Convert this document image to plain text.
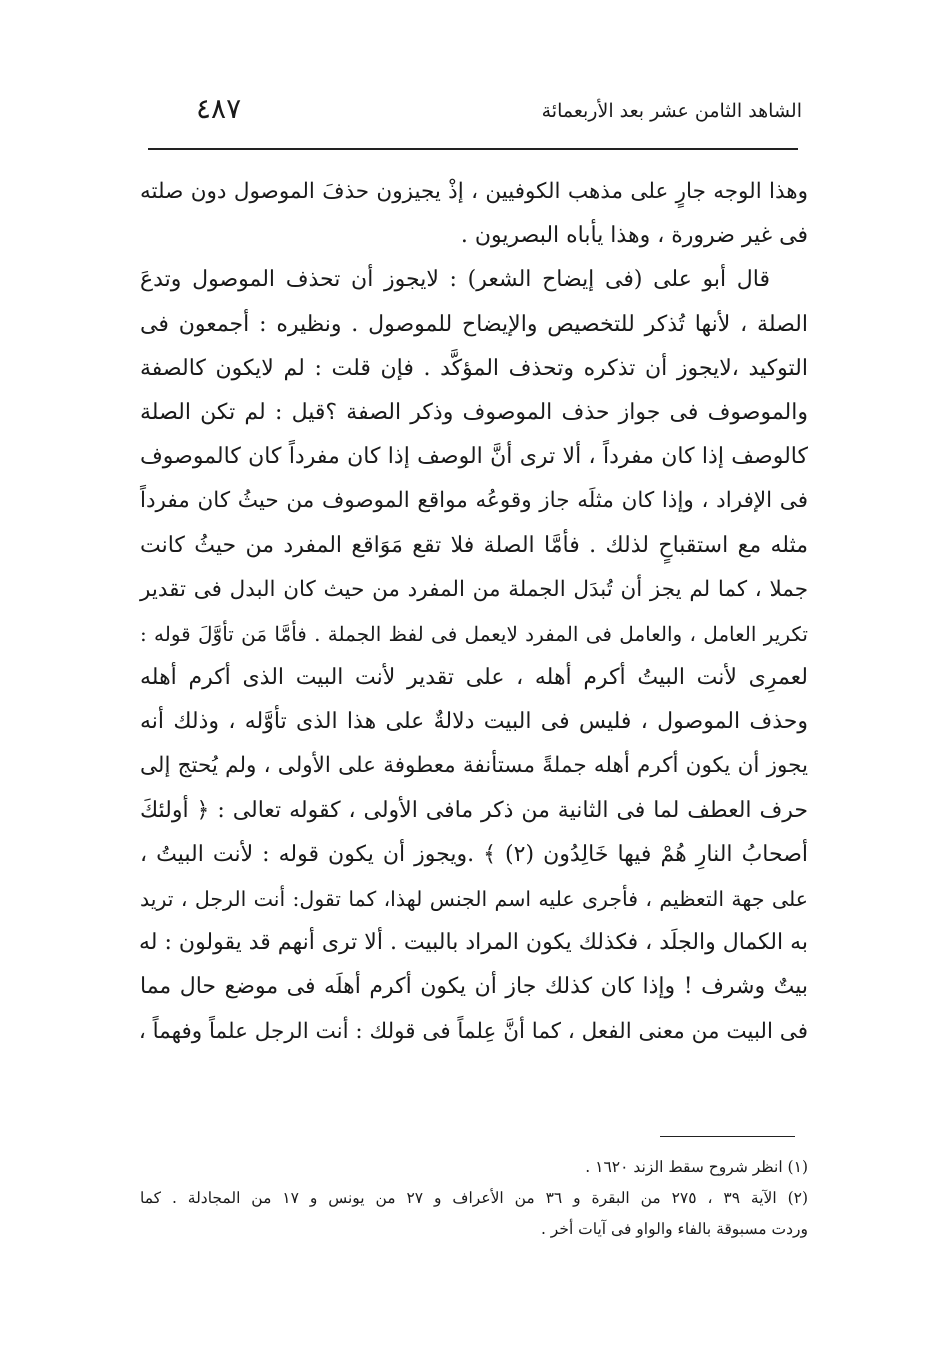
الشاهد الثامن عشر بعد الأربعمائة
٤٨٧
وهذا الوجه جارٍ على مذهب الكوفيين ، إذْ يجيزون حذفَ الموصول دون صلته
فى غير ضرورة ، وهذا يأباه البصريون .
قال أبو على (فى إيضاح الشعر) : لايجوز أن تحذف الموصول وتدعَ
الصلة ، لأنها تُذكر للتخصيص والإيضاح للموصول . ونظيره : أجمعون فى
التوكيد ،لايجوز أن تذكره وتحذف المؤكَّد . فإن قلت : لم لايكون كالصفة
والموصوف فى جواز حذف الموصوف وذكر الصفة ؟قيل : لم تكن الصلة
كالوصف إذا كان مفرداً ، ألا ترى أنَّ الوصف إذا كان مفرداً كان كالموصوف
فى الإفراد ، وإذا كان مثلَه جاز وقوعُه مواقع الموصوف من حيثُ كان مفرداً
مثله مع استقباحٍ لذلك . فأمَّا الصلة فلا تقع مَوَاقع المفرد من حيثُ كانت
جملا ، كما لم يجز أن تُبدَل الجملة من المفرد من حيث كان البدل فى تقدير
تكرير العامل ، والعامل فى المفرد لايعمل فى لفظ الجملة . فأمَّا مَن تأوَّلَ قوله :
لعمرِى لأنت البيتُ أكرم أهله ، على تقدير لأنت البيت الذى أكرم أهله
وحذف الموصول ، فليس فى البيت دلالةٌ على هذا الذى تأوَّله ، وذلك أنه
يجوز أن يكون أكرم أهله جملةً مستأنفة معطوفة على الأولى ، ولم يُحتج إلى
حرف العطف لما فى الثانية من ذكر مافى الأولى ، كقوله تعالى : ﴿ أولئكَ
أصحابُ النارِ هُمْ فيها خَالِدُون (٢) ﴾ .ويجوز أن يكون قوله : لأنت البيتُ ،
على جهة التعظيم ، فأجرى عليه اسم الجنس لهذا، كما تقول: أنت الرجل ، تريد
به الكمال والجلَد ، فكذلك يكون المراد بالبيت . ألا ترى أنهم قد يقولون : له
بيتٌ وشرف ! وإذا كان كذلك جاز أن يكون أكرم أهلَه فى موضع حال مما
فى البيت من معنى الفعل ، كما أنَّ عِلماً فى قولك : أنت الرجل علماً وفهماً ،
(١) انظر شروح سقط الزند ١٦٢٠ .
(٢) الآية ٣٩ ، ٢٧٥ من البقرة و ٣٦ من الأعراف و ٢٧ من يونس و ١٧ من المجادلة . كما
وردت مسبوقة بالفاء والواو فى آيات أخر .
